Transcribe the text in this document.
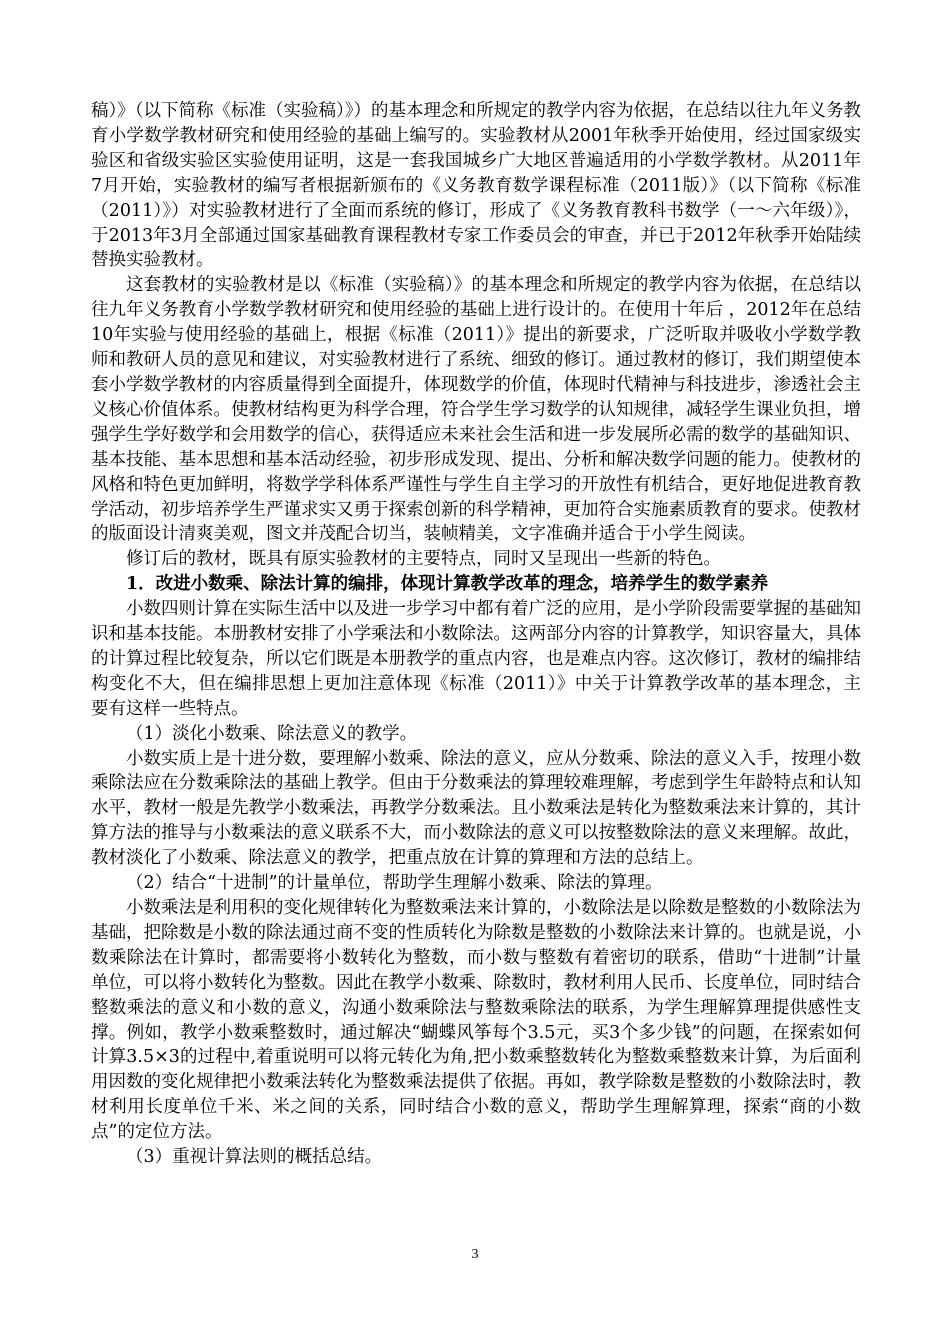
稿）》（以下简称《标准（实验稿）》）的基本理念和所规定的教学内容为依据，在总结以往九年义务教育小学数学教材研究和使用经验的基础上编写的。实验教材从2001年秋季开始使用，经过国家级实验区和省级实验区实验使用证明，这是一套我国城乡广大地区普遍适用的小学数学教材。从2011年7月开始，实验教材的编写者根据新颁布的《义务教育数学课程标准（2011版）》（以下简称《标准（2011）》）对实验教材进行了全面而系统的修订，形成了《义务教育教科书数学（一～六年级）》，于2013年3月全部通过国家基础教育课程教材专家工作委员会的审查，并已于2012年秋季开始陆续替换实验教材。

这套教材的实验教材是以《标准（实验稿）》的基本理念和所规定的教学内容为依据，在总结以往九年义务教育小学数学教材研究和使用经验的基础上进行设计的。在使用十年后 ，2012年在总结10年实验与使用经验的基础上，根据《标准（2011）》提出的新要求，广泛听取并吸收小学数学教师和教研人员的意见和建议，对实验教材进行了系统、细致的修订。通过教材的修订，我们期望使本套小学数学教材的内容质量得到全面提升，体现数学的价值，体现时代精神与科技进步，渗透社会主义核心价值体系。使教材结构更为科学合理，符合学生学习数学的认知规律，减轻学生课业负担，增强学生学好数学和会用数学的信心，获得适应未来社会生活和进一步发展所必需的数学的基础知识、基本技能、基本思想和基本活动经验，初步形成发现、提出、分析和解决数学问题的能力。使教材的风格和特色更加鲜明，将数学学科体系严谨性与学生自主学习的开放性有机结合，更好地促进教育教学活动，初步培养学生严谨求实又勇于探索创新的科学精神，更加符合实施素质教育的要求。使教材的版面设计清爽美观，图文并茂配合切当，装帧精美，文字准确并适合于小学生阅读。

修订后的教材，既具有原实验教材的主要特点，同时又呈现出一些新的特色。

1．改进小数乘、除法计算的编排，体现计算教学改革的理念，培养学生的数学素养

小数四则计算在实际生活中以及进一步学习中都有着广泛的应用，是小学阶段需要掌握的基础知识和基本技能。本册教材安排了小学乘法和小数除法。这两部分内容的计算教学，知识容量大，具体的计算过程比较复杂，所以它们既是本册教学的重点内容，也是难点内容。这次修订，教材的编排结构变化不大，但在编排思想上更加注意体现《标准（2011）》中关于计算教学改革的基本理念，主要有这样一些特点。

（1）淡化小数乘、除法意义的教学。

小数实质上是十进分数，要理解小数乘、除法的意义，应从分数乘、除法的意义入手，按理小数乘除法应在分数乘除法的基础上教学。但由于分数乘法的算理较难理解，考虑到学生年龄特点和认知水平，教材一般是先教学小数乘法，再教学分数乘法。且小数乘法是转化为整数乘法来计算的，其计算方法的推导与小数乘法的意义联系不大，而小数除法的意义可以按整数除法的意义来理解。故此，教材淡化了小数乘、除法意义的教学，把重点放在计算的算理和方法的总结上。

（2）结合“十进制”的计量单位，帮助学生理解小数乘、除法的算理。

小数乘法是利用积的变化规律转化为整数乘法来计算的，小数除法是以除数是整数的小数除法为基础，把除数是小数的除法通过商不变的性质转化为除数是整数的小数除法来计算的。也就是说，小数乘除法在计算时，都需要将小数转化为整数，而小数与整数有着密切的联系，借助“十进制”计量单位，可以将小数转化为整数。因此在教学小数乘、除数时，教材利用人民币、长度单位，同时结合整数乘法的意义和小数的意义，沟通小数乘除法与整数乘除法的联系，为学生理解算理提供感性支撑。例如，教学小数乘整数时，通过解决“蝴蝶风筝每个3.5元，买3个多少钱”的问题，在探索如何计算3.5×3的过程中,着重说明可以将元转化为角,把小数乘整数转化为整数乘整数来计算，为后面利用因数的变化规律把小数乘法转化为整数乘法提供了依据。再如，教学除数是整数的小数除法时，教材利用长度单位千米、米之间的关系，同时结合小数的意义，帮助学生理解算理，探索“商的小数点”的定位方法。

（3）重视计算法则的概括总结。

3
